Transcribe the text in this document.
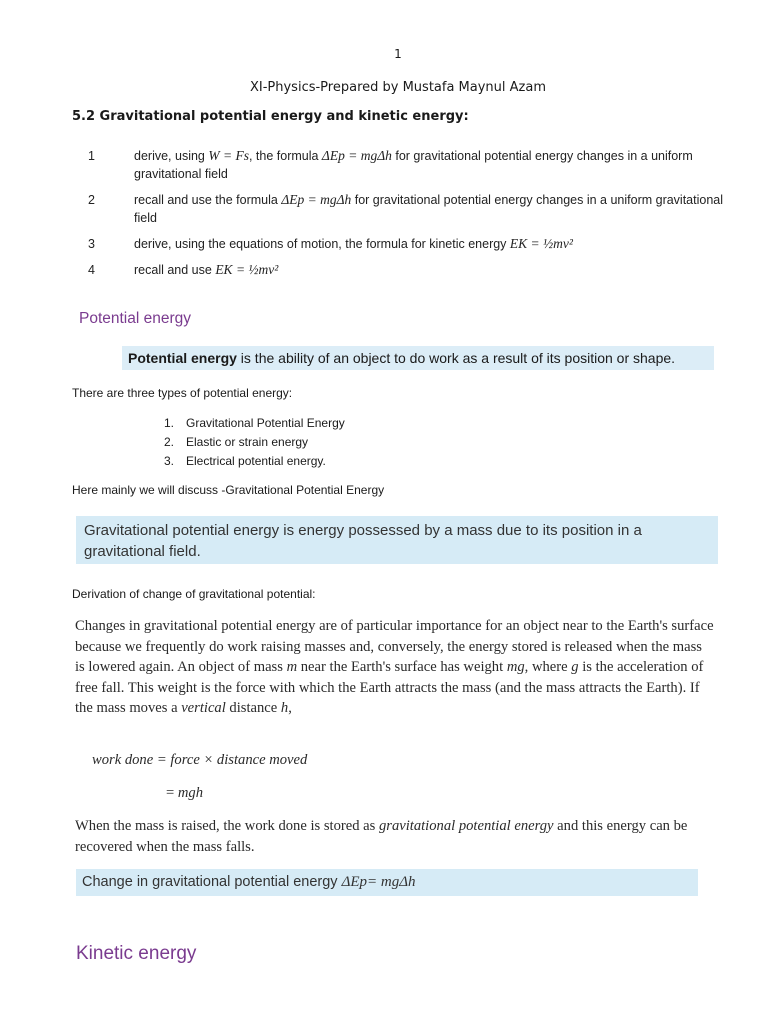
1
XI-Physics-Prepared by Mustafa Maynul Azam
5.2 Gravitational potential energy and kinetic energy:
1	derive, using W = Fs, the formula ΔEp = mgΔh for gravitational potential energy changes in a uniform gravitational field
2	recall and use the formula ΔEp = mgΔh for gravitational potential energy changes in a uniform gravitational field
3	derive, using the equations of motion, the formula for kinetic energy EK = ½mv²
4	recall and use EK = ½mv²
Potential energy
Potential energy is the ability of an object to do work as a result of its position or shape.
There are three types of potential energy:
1. Gravitational Potential Energy
2. Elastic or strain energy
3. Electrical potential energy.
Here mainly we will discuss -Gravitational Potential Energy
Gravitational potential energy is energy possessed by a mass due to its position in a gravitational field.
Derivation of change of gravitational potential:
Changes in gravitational potential energy are of particular importance for an object near to the Earth's surface because we frequently do work raising masses and, conversely, the energy stored is released when the mass is lowered again. An object of mass m near the Earth's surface has weight mg, where g is the acceleration of free fall. This weight is the force with which the Earth attracts the mass (and the mass attracts the Earth). If the mass moves a vertical distance h,
work done = force × distance moved
= mgh
When the mass is raised, the work done is stored as gravitational potential energy and this energy can be recovered when the mass falls.
Change in gravitational potential energy ΔEp= mgΔh
Kinetic energy
